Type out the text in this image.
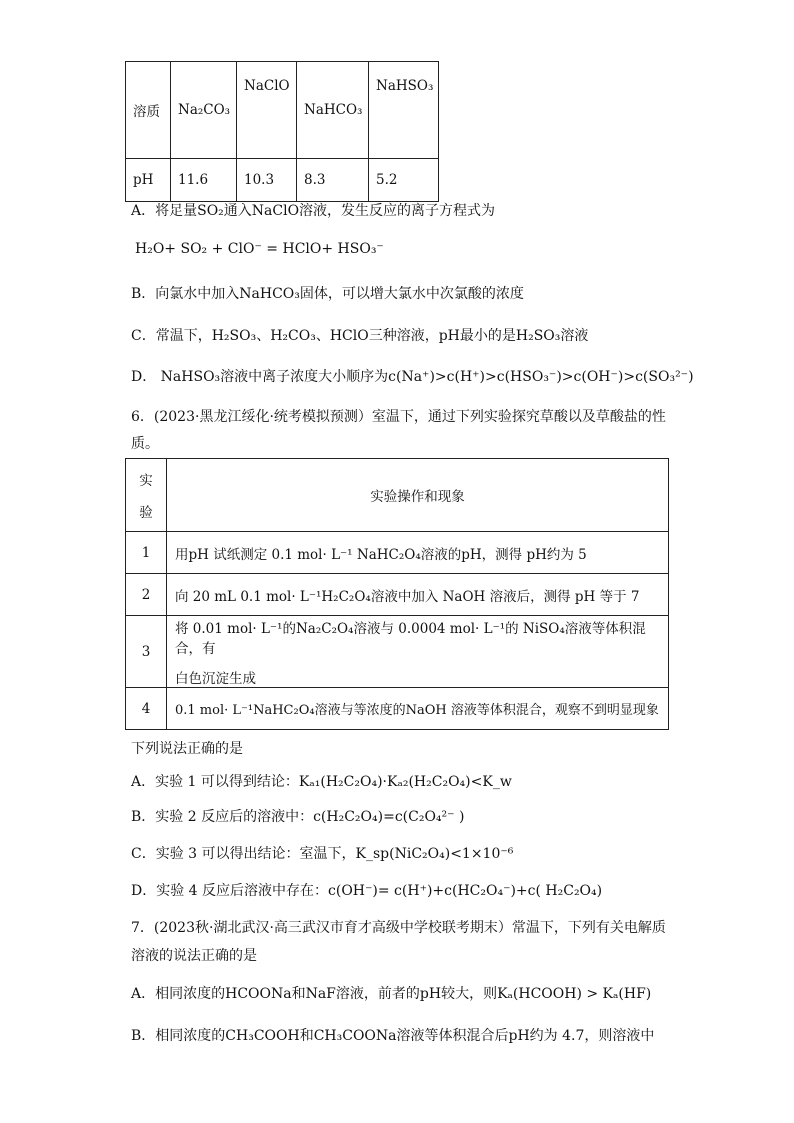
溶质	Na₂CO₃	NaClO	NaHCO₃	NaHSO₃
pH	11.6	10.3	8.3	5.2
A．将足量SO₂通入NaClO溶液，发生反应的离子方程式为
H₂O+ SO₂ + ClO⁻ = HClO+ HSO₃⁻
B．向氯水中加入NaHCO₃固体，可以增大氯水中次氯酸的浓度
C．常温下，H₂SO₃、H₂CO₃、HClO三种溶液，pH最小的是H₂SO₃溶液
D． NaHSO₃溶液中离子浓度大小顺序为c(Na⁺)>c(H⁺)>c(HSO₃⁻)>c(OH⁻)>c(SO₃²⁻)
6．(2023·黑龙江绥化·统考模拟预测）室温下，通过下列实验探究草酸以及草酸盐的性
质。
实
验	实验操作和现象
1	用pH 试纸测定 0.1 mol· L⁻¹ NaHC₂O₄溶液的pH，测得 pH约为 5
2	向 20 mL 0.1 mol· L⁻¹H₂C₂O₄溶液中加入 NaOH 溶液后，测得 pH 等于 7
3	将 0.01 mol· L⁻¹的Na₂C₂O₄溶液与 0.0004 mol· L⁻¹的 NiSO₄溶液等体积混合，有
白色沉淀生成

4	0.1 mol· L⁻¹NaHC₂O₄溶液与等浓度的NaOH 溶液等体积混合，观察不到明显现象
下列说法正确的是
A．实验 1 可以得到结论：Kₐ₁(H₂C₂O₄)·Kₐ₂(H₂C₂O₄)<K_w
B．实验 2 反应后的溶液中：c(H₂C₂O₄)=c(C₂O₄²⁻ )
C．实验 3 可以得出结论：室温下，K_sp(NiC₂O₄)<1×10⁻⁶
D．实验 4 反应后溶液中存在：c(OH⁻)= c(H⁺)+c(HC₂O₄⁻)+c( H₂C₂O₄)
7．(2023秋·湖北武汉·高三武汉市育才高级中学校联考期末）常温下，下列有关电解质
溶液的说法正确的是
A．相同浓度的HCOONa和NaF溶液，前者的pH较大，则Kₐ(HCOOH) > Kₐ(HF)
B．相同浓度的CH₃COOH和CH₃COONa溶液等体积混合后pH约为 4.7，则溶液中
